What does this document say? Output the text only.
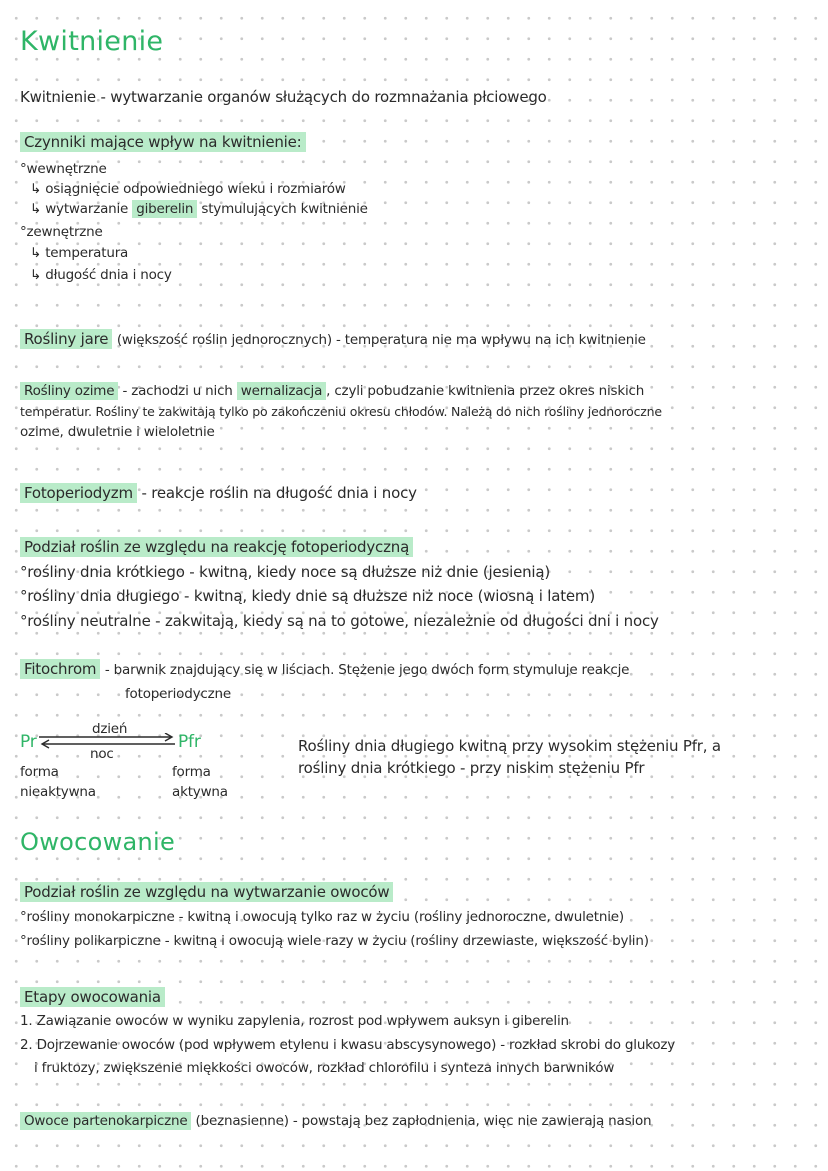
Kwitnienie
Kwitnienie - wytwarzanie organów służących do rozmnażania płciowego
Czynniki mające wpływ na kwitnienie:
°wewnętrzne
↳ osiągnięcie odpowiedniego wieku i rozmiarów
↳ wytwarzanie giberelin stymulujących kwitnienie
°zewnętrzne
↳ temperatura
↳ długość dnia i nocy
Rośliny jare (większość roślin jednorocznych) - temperatura nie ma wpływu na ich kwitnienie
Rośliny ozime - zachodzi u nich wernalizacja , czyli pobudzanie kwitnienia przez okres niskich
temperatur. Rośliny te zakwitają tylko po zakończeniu okresu chłodów. Należą do nich rośliny jednoroczne
ozime, dwuletnie i wieloletnie
Fotoperiodyzm - reakcje roślin na długość dnia i nocy
Podział roślin ze względu na reakcję fotoperiodyczną
°rośliny dnia krótkiego - kwitną, kiedy noce są dłuższe niż dnie (jesienią)
°rośliny dnia długiego - kwitną, kiedy dnie są dłuższe niż noce (wiosną i latem)
°rośliny neutralne - zakwitają, kiedy są na to gotowe, niezależnie od długości dni i nocy
Fitochrom - barwnik znajdujący się w liściach. Stężenie jego dwóch form stymuluje reakcje
fotoperiodyczne
dzień
Pr	Pfr
noc
forma
nieaktywna
forma
aktywna
Rośliny dnia długiego kwitną przy wysokim stężeniu Pfr, a
rośliny dnia krótkiego - przy niskim stężeniu Pfr
Owocowanie
Podział roślin ze względu na wytwarzanie owoców
°rośliny monokarpiczne - kwitną i owocują tylko raz w życiu (rośliny jednoroczne, dwuletnie)
°rośliny polikarpiczne - kwitną i owocują wiele razy w życiu (rośliny drzewiaste, większość bylin)
Etapy owocowania
1. Zawiązanie owoców w wyniku zapylenia, rozrost pod wpływem auksyn i giberelin
2. Dojrzewanie owoców (pod wpływem etylenu i kwasu abscysynowego) - rozkład skrobi do glukozy
i fruktozy, zwiększenie miękkości owoców, rozkład chlorofilu i synteza innych barwników
Owoce partenokarpiczne (beznasienne) - powstają bez zapłodnienia, więc nie zawierają nasion
